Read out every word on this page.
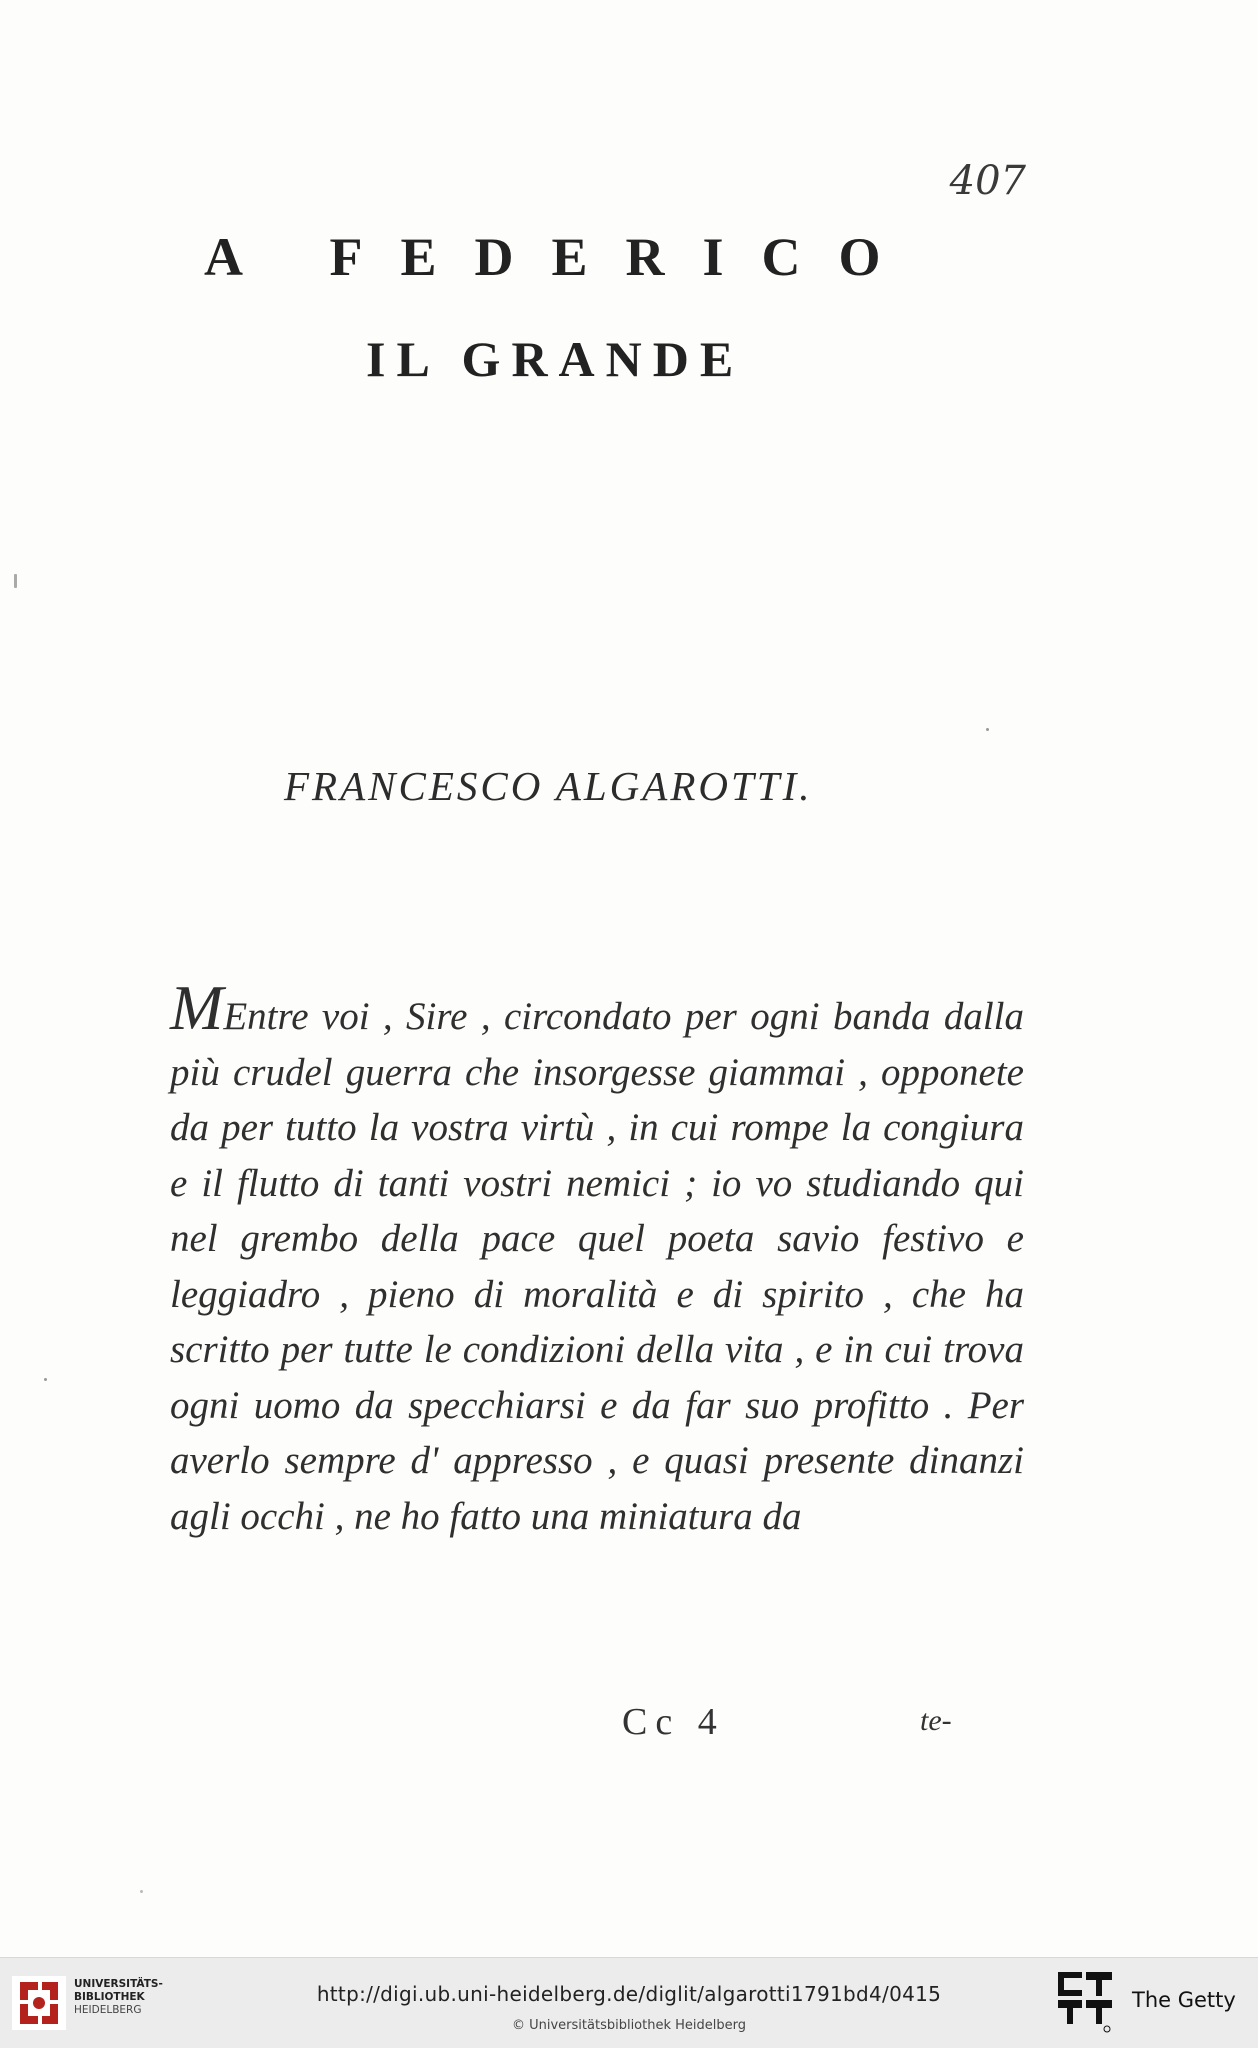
407

A FEDERICO
IL GRANDE

FRANCESCO ALGAROTTI.

MEntre voi , Sire , circondato per ogni banda dalla più crudel guerra che insorgesse giammai , opponete da per tutto la vostra virtù , in cui rompe la congiura e il flutto di tanti vostri nemici ; io vo studiando qui nel grembo della pace quel poeta savio festivo e leggiadro , pieno di moralità e di spirito , che ha scritto per tutte le condizioni della vita , e in cui trova ogni uomo da specchiarsi e da far suo profitto . Per averlo sempre d' appresso , e quasi presente dinanzi agli occhi , ne ho fatto una miniatura da

Cc 4	te-

UNIVERSITÄTS-
BIBLIOTHEK
HEIDELBERG
http://digi.ub.uni-heidelberg.de/diglit/algarotti1791bd4/0415
© Universitätsbibliothek Heidelberg
The Getty
